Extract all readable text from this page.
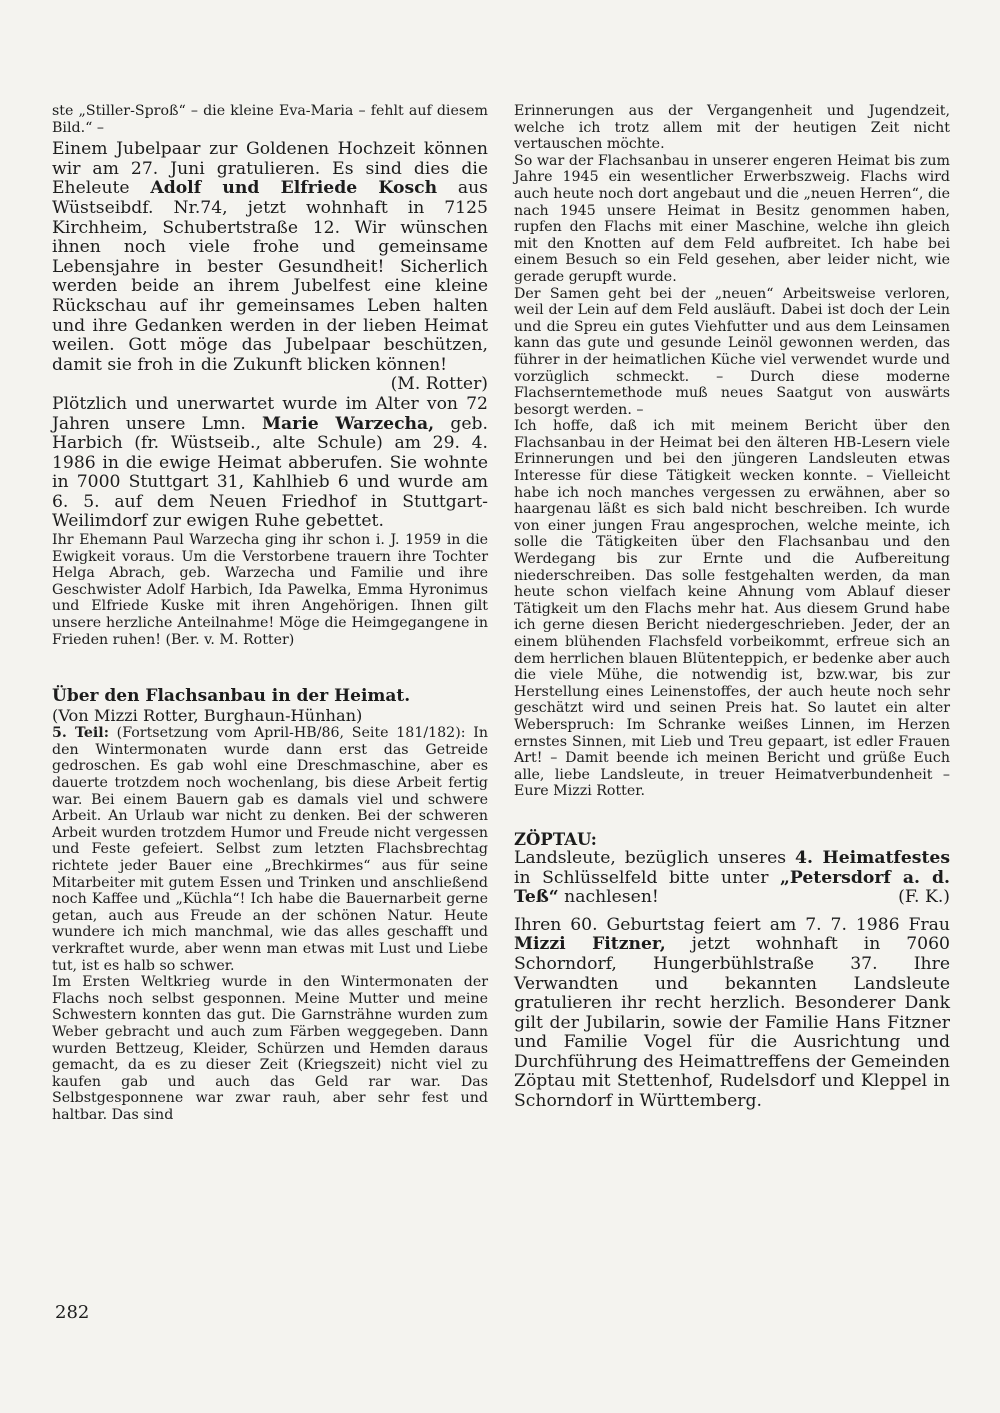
ste „Stiller-Sproß“ – die kleine Eva-Maria – fehlt auf diesem Bild.“ –

Einem Jubelpaar zur Goldenen Hochzeit können wir am 27. Juni gratulieren. Es sind dies die Eheleute Adolf und Elfriede Kosch aus Wüstseibdf. Nr.74, jetzt wohnhaft in 7125 Kirchheim, Schubertstraße 12. Wir wünschen ihnen noch viele frohe und gemeinsame Lebensjahre in bester Gesundheit! Sicherlich werden beide an ihrem Jubelfest eine kleine Rückschau auf ihr gemeinsames Leben halten und ihre Gedanken werden in der lieben Heimat weilen. Gott möge das Jubelpaar beschützen, damit sie froh in die Zukunft blicken können!
(M. Rotter)

Plötzlich und unerwartet wurde im Alter von 72 Jahren unsere Lmn. Marie Warzecha, geb. Harbich (fr. Wüstseib., alte Schule) am 29. 4. 1986 in die ewige Heimat abberufen. Sie wohnte in 7000 Stuttgart 31, Kahlhieb 6 und wurde am 6. 5. auf dem Neuen Friedhof in Stuttgart-Weilimdorf zur ewigen Ruhe gebettet.

Ihr Ehemann Paul Warzecha ging ihr schon i. J. 1959 in die Ewigkeit voraus. Um die Verstorbene trauern ihre Tochter Helga Abrach, geb. Warzecha und Familie und ihre Geschwister Adolf Harbich, Ida Pawelka, Emma Hyronimus und Elfriede Kuske mit ihren Angehörigen. Ihnen gilt unsere herzliche Anteilnahme! Möge die Heimgegangene in Frieden ruhen! (Ber. v. M. Rotter)

Über den Flachsanbau in der Heimat.
(Von Mizzi Rotter, Burghaun-Hünhan)

5. Teil: (Fortsetzung vom April-HB/86, Seite 181/182): In den Wintermonaten wurde dann erst das Getreide gedroschen. Es gab wohl eine Dreschmaschine, aber es dauerte trotzdem noch wochenlang, bis diese Arbeit fertig war. Bei einem Bauern gab es damals viel und schwere Arbeit. An Urlaub war nicht zu denken. Bei der schweren Arbeit wurden trotzdem Humor und Freude nicht vergessen und Feste gefeiert. Selbst zum letzten Flachsbrechtag richtete jeder Bauer eine „Brechkirmes“ aus für seine Mitarbeiter mit gutem Essen und Trinken und anschließend noch Kaffee und „Küchla“! Ich habe die Bauernarbeit gerne getan, auch aus Freude an der schönen Natur. Heute wundere ich mich manchmal, wie das alles geschafft und verkraftet wurde, aber wenn man etwas mit Lust und Liebe tut, ist es halb so schwer.

Im Ersten Weltkrieg wurde in den Wintermonaten der Flachs noch selbst gesponnen. Meine Mutter und meine Schwestern konnten das gut. Die Garnsträhne wurden zum Weber gebracht und auch zum Färben weggegeben. Dann wurden Bettzeug, Kleider, Schürzen und Hemden daraus gemacht, da es zu dieser Zeit (Kriegszeit) nicht viel zu kaufen gab und auch das Geld rar war. Das Selbstgesponnene war zwar rauh, aber sehr fest und haltbar. Das sind

Erinnerungen aus der Vergangenheit und Jugendzeit, welche ich trotz allem mit der heutigen Zeit nicht vertauschen möchte.

So war der Flachsanbau in unserer engeren Heimat bis zum Jahre 1945 ein wesentlicher Erwerbszweig. Flachs wird auch heute noch dort angebaut und die „neuen Herren“, die nach 1945 unsere Heimat in Besitz genommen haben, rupfen den Flachs mit einer Maschine, welche ihn gleich mit den Knotten auf dem Feld aufbreitet. Ich habe bei einem Besuch so ein Feld gesehen, aber leider nicht, wie gerade gerupft wurde.

Der Samen geht bei der „neuen“ Arbeitsweise verloren, weil der Lein auf dem Feld ausläuft. Dabei ist doch der Lein und die Spreu ein gutes Viehfutter und aus dem Leinsamen kann das gute und gesunde Leinöl gewonnen werden, das führer in der heimatlichen Küche viel verwendet wurde und vorzüglich schmeckt. – Durch diese moderne Flachserntemethode muß neues Saatgut von auswärts besorgt werden. –

Ich hoffe, daß ich mit meinem Bericht über den Flachsanbau in der Heimat bei den älteren HB-Lesern viele Erinnerungen und bei den jüngeren Landsleuten etwas Interesse für diese Tätigkeit wecken konnte. – Vielleicht habe ich noch manches vergessen zu erwähnen, aber so haargenau läßt es sich bald nicht beschreiben. Ich wurde von einer jungen Frau angesprochen, welche meinte, ich solle die Tätigkeiten über den Flachsanbau und den Werdegang bis zur Ernte und die Aufbereitung niederschreiben. Das solle festgehalten werden, da man heute schon vielfach keine Ahnung vom Ablauf dieser Tätigkeit um den Flachs mehr hat. Aus diesem Grund habe ich gerne diesen Bericht niedergeschrieben. Jeder, der an einem blühenden Flachsfeld vorbeikommt, erfreue sich an dem herrlichen blauen Blütenteppich, er bedenke aber auch die viele Mühe, die notwendig ist, bzw.war, bis zur Herstellung eines Leinenstoffes, der auch heute noch sehr geschätzt wird und seinen Preis hat. So lautet ein alter Weberspruch: Im Schranke weißes Linnen, im Herzen ernstes Sinnen, mit Lieb und Treu gepaart, ist edler Frauen Art! – Damit beende ich meinen Bericht und grüße Euch alle, liebe Landsleute, in treuer Heimatverbundenheit – Eure Mizzi Rotter.

ZÖPTAU:

Landsleute, bezüglich unseres 4. Heimatfestes in Schlüsselfeld bitte unter „Petersdorf a. d. Teß“ nachlesen!	(F. K.)

Ihren 60. Geburtstag feiert am 7. 7. 1986 Frau Mizzi Fitzner, jetzt wohnhaft in 7060 Schorndorf, Hungerbühlstraße 37. Ihre Verwandten und bekannten Landsleute gratulieren ihr recht herzlich. Besonderer Dank gilt der Jubilarin, sowie der Familie Hans Fitzner und Familie Vogel für die Ausrichtung und Durchführung des Heimattreffens der Gemeinden Zöptau mit Stettenhof, Rudelsdorf und Kleppel in Schorndorf in Württemberg.

282
